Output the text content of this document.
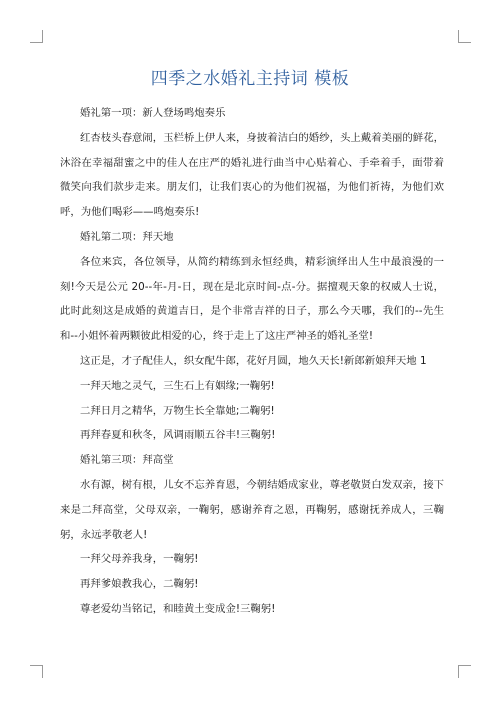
四季之水婚礼主持词 模板

婚礼第一项：新人登场鸣炮奏乐

红杏枝头春意闹，玉栏桥上伊人来，身披着洁白的婚纱，头上戴着美丽的鲜花，沐浴在幸福甜蜜之中的佳人在庄严的婚礼进行曲当中心贴着心、手牵着手，面带着微笑向我们款步走来。朋友们，让我们衷心的为他们祝福，为他们祈祷，为他们欢呼，为他们喝彩——鸣炮奏乐!

婚礼第二项：拜天地

各位来宾，各位领导，从简约精练到永恒经典，精彩演绎出人生中最浪漫的一刻!今天是公元 20--年-月-日，现在是北京时间-点-分。据擅观天象的权威人士说，此时此刻这是成婚的黄道吉日，是个非常吉祥的日子，那么今天哪，我们的--先生和--小姐怀着两颗彼此相爱的心，终于走上了这庄严神圣的婚礼圣堂!

这正是，才子配佳人，织女配牛郎，花好月圆，地久天长!新郎新娘拜天地 1

一拜天地之灵气，三生石上有姻缘;一鞠躬!

二拜日月之精华，万物生长全靠她;二鞠躬!

再拜春夏和秋冬，风调雨顺五谷丰!三鞠躬!

婚礼第三项：拜高堂

水有源，树有根，儿女不忘养育恩，今朝结婚成家业，尊老敬贤白发双亲，接下来是二拜高堂，父母双亲，一鞠躬，感谢养育之恩，再鞠躬，感谢抚养成人，三鞠躬，永远孝敬老人!

一拜父母养我身，一鞠躬!

再拜爹娘教我心，二鞠躬!

尊老爱幼当铭记，和睦黄土变成金!三鞠躬!
